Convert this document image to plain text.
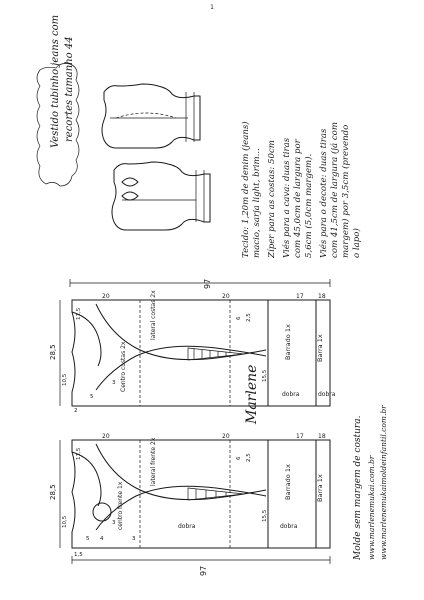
1
Vestido tubinho jeans com recortes tamanho 44
Tecido: 1,20m de denim (jeans) macio, sarja light, brim... Zíper para as costas: 50cm Viés para a cava: duas tiras com 45,0cm de largura por 5,6cm (5,0cm margem). Viés para o decote: duas tiras com 41,5cm de largura (já com margem) por 3,5cm (prevendo o lapo)
97
28,5
lateral costas 2x
Centro costas 2x	Barrado 1x	Barra 1x
dobra	dobra
20	20	17 18
11,5
10,5
6
3
5
2,5
15,5
2	Marlene
28,5
lateral frente 2x
centro frente 1x	Barrado 1x	Barra 1x
dobra	dobra
20	20	17 18
11,5
10,5
5
6
3
4	3
2,5
15,5
1,5
97
Molde sem margem de costura. www.marlenemukai.com.br www.marlenemukaimoldeinfantil.com.br
